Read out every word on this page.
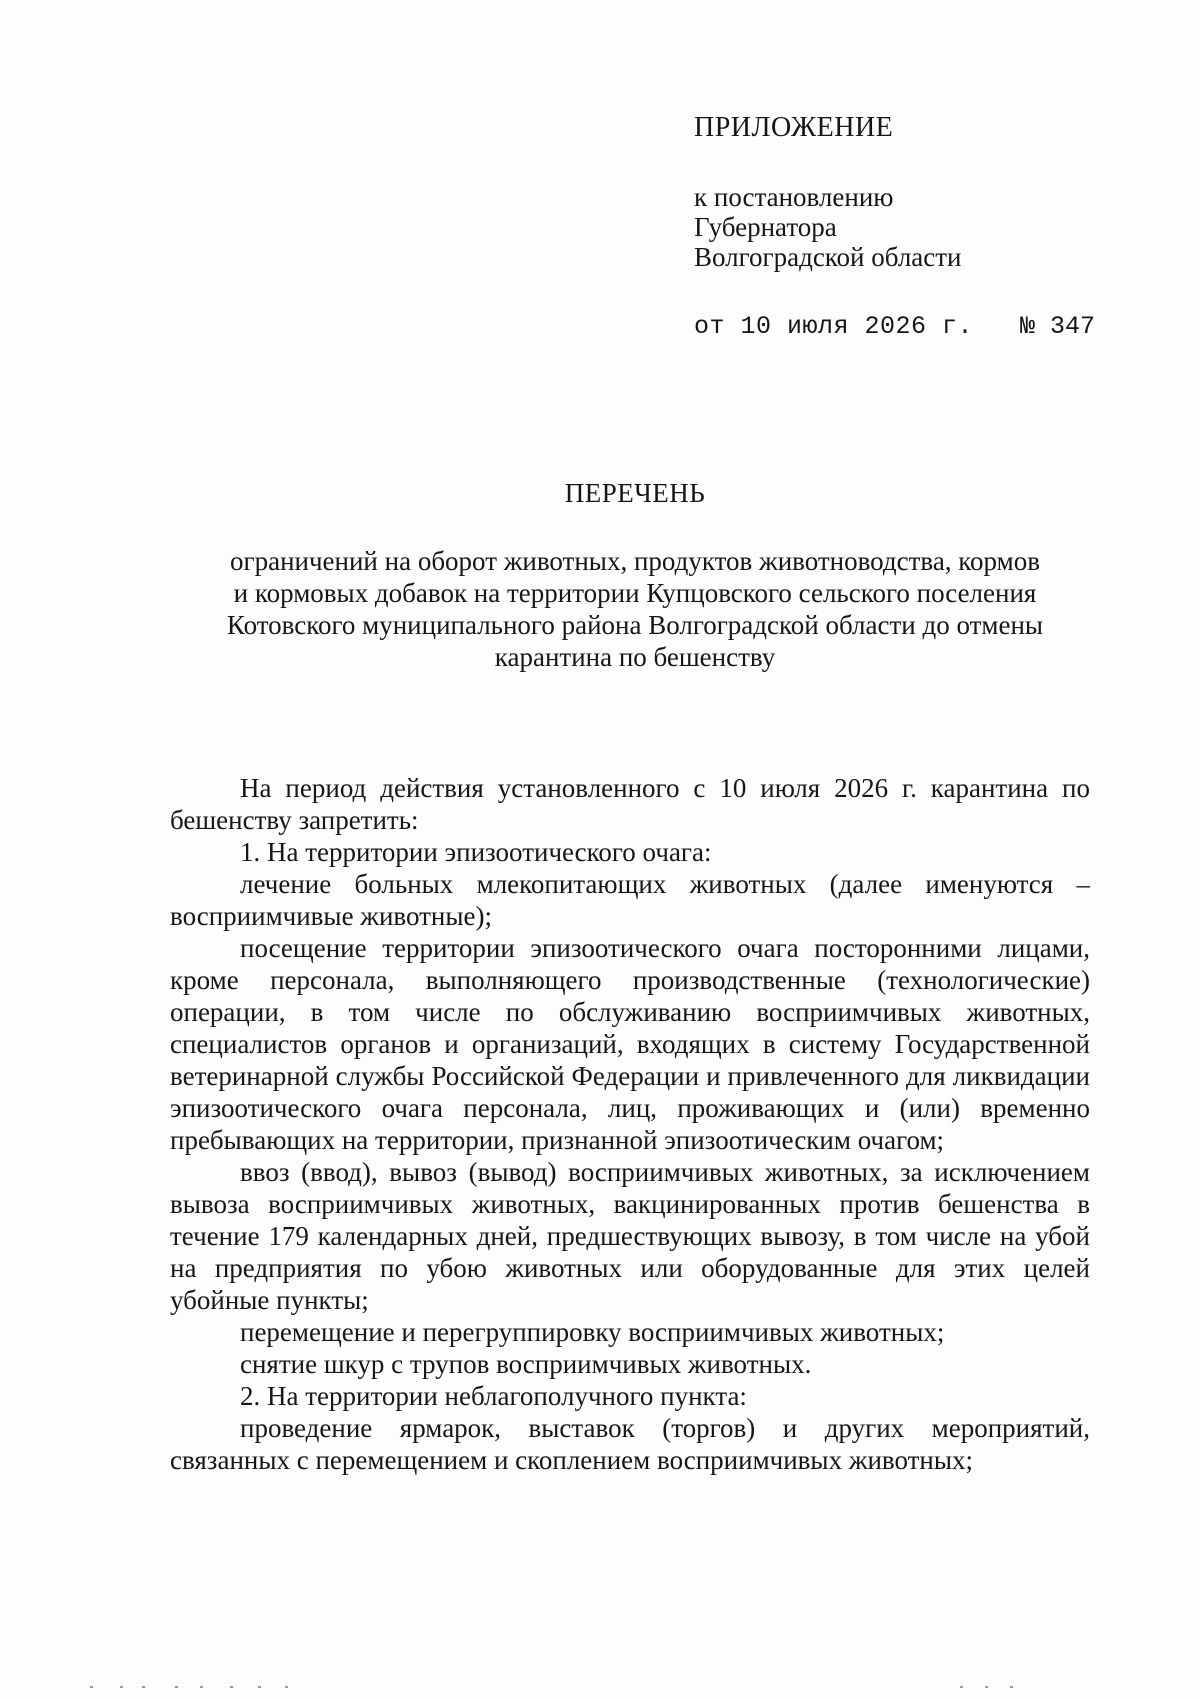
ПРИЛОЖЕНИЕ
к постановлению
Губернатора
Волгоградской области
от 10 июля 2026 г. № 347
ПЕРЕЧЕНЬ
ограничений на оборот животных, продуктов животноводства, кормов
и кормовых добавок на территории Купцовского сельского поселения
Котовского муниципального района Волгоградской области до отмены
карантина по бешенству

На период действия установленного с 10 июля 2026 г. карантина по бешенству запретить:

1. На территории эпизоотического очага:

лечение больных млекопитающих животных (далее именуются – восприимчивые животные);

посещение территории эпизоотического очага посторонними лицами, кроме персонала, выполняющего производственные (технологические) операции, в том числе по обслуживанию восприимчивых животных, специалистов органов и организаций, входящих в систему Государственной ветеринарной службы Российской Федерации и привлеченного для ликвидации эпизоотического очага персонала, лиц, проживающих и (или) временно пребывающих на территории, признанной эпизоотическим очагом;

ввоз (ввод), вывоз (вывод) восприимчивых животных, за исключением вывоза восприимчивых животных, вакцинированных против бешенства в течение 179 календарных дней, предшествующих вывозу, в том числе на убой на предприятия по убою животных или оборудованные для этих целей убойные пункты;

перемещение и перегруппировку восприимчивых животных;

снятие шкур с трупов восприимчивых животных.

2. На территории неблагополучного пункта:

проведение ярмарок, выставок (торгов) и других мероприятий, связанных с перемещением и скоплением восприимчивых животных;
